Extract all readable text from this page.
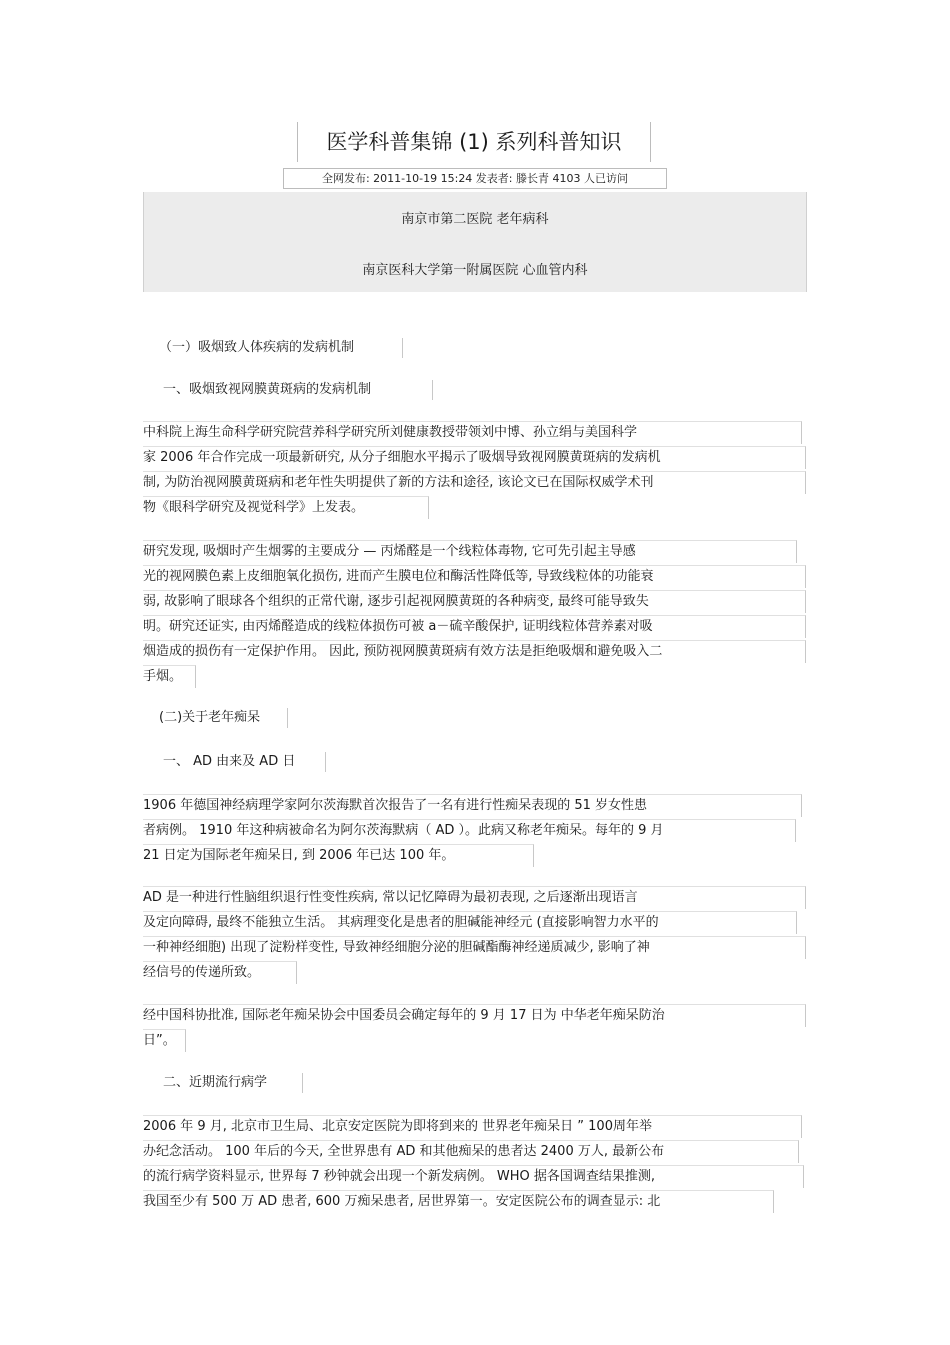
医学科普集锦 (1) 系列科普知识
全网发布: 2011-10-19 15:24 发表者: 滕长青 4103 人已访问
南京市第二医院 老年病科
南京医科大学第一附属医院 心血管内科
（一）吸烟致人体疾病的发病机制
一、吸烟致视网膜黄斑病的发病机制
中科院上海生命科学研究院营养科学研究所刘健康教授带领刘中博、孙立绢与美国科学
家 2006 年合作完成一项最新研究, 从分子细胞水平揭示了吸烟导致视网膜黄斑病的发病机
制, 为防治视网膜黄斑病和老年性失明提供了新的方法和途径, 该论文已在国际权威学术刊
物《眼科学研究及视觉科学》上发表。
研究发现, 吸烟时产生烟雾的主要成分 — 丙烯醛是一个线粒体毒物, 它可先引起主导感
光的视网膜色素上皮细胞氧化损伤, 进而产生膜电位和酶活性降低等, 导致线粒体的功能衰
弱, 故影响了眼球各个组织的正常代谢, 逐步引起视网膜黄斑的各种病变, 最终可能导致失
明。研究还证实, 由丙烯醛造成的线粒体损伤可被 a－硫辛酸保护, 证明线粒体营养素对吸
烟造成的损伤有一定保护作用。 因此, 预防视网膜黄斑病有效方法是拒绝吸烟和避免吸入二
手烟。
(二)关于老年痴呆
一、 AD 由来及 AD 日
1906 年德国神经病理学家阿尔茨海默首次报告了一名有进行性痴呆表现的 51 岁女性患
者病例。 1910 年这种病被命名为阿尔茨海默病（ AD ）。此病又称老年痴呆。每年的 9 月
21 日定为国际老年痴呆日, 到 2006 年已达 100 年。
AD 是一种进行性脑组织退行性变性疾病, 常以记忆障碍为最初表现, 之后逐渐出现语言
及定向障碍, 最终不能独立生活。 其病理变化是患者的胆碱能神经元 (直接影响智力水平的
一种神经细胞) 出现了淀粉样变性, 导致神经细胞分泌的胆碱酯酶神经递质减少, 影响了神
经信号的传递所致。
经中国科协批准, 国际老年痴呆协会中国委员会确定每年的 9 月 17 日为 中华老年痴呆防治
日”。
二、近期流行病学
2006 年 9 月, 北京市卫生局、北京安定医院为即将到来的 世界老年痴呆日 ” 100周年举
办纪念活动。 100 年后的今天, 全世界患有 AD 和其他痴呆的患者达 2400 万人, 最新公布
的流行病学资料显示, 世界每 7 秒钟就会出现一个新发病例。 WHO 据各国调查结果推测,
我国至少有 500 万 AD 患者, 600 万痴呆患者, 居世界第一。安定医院公布的调查显示: 北
